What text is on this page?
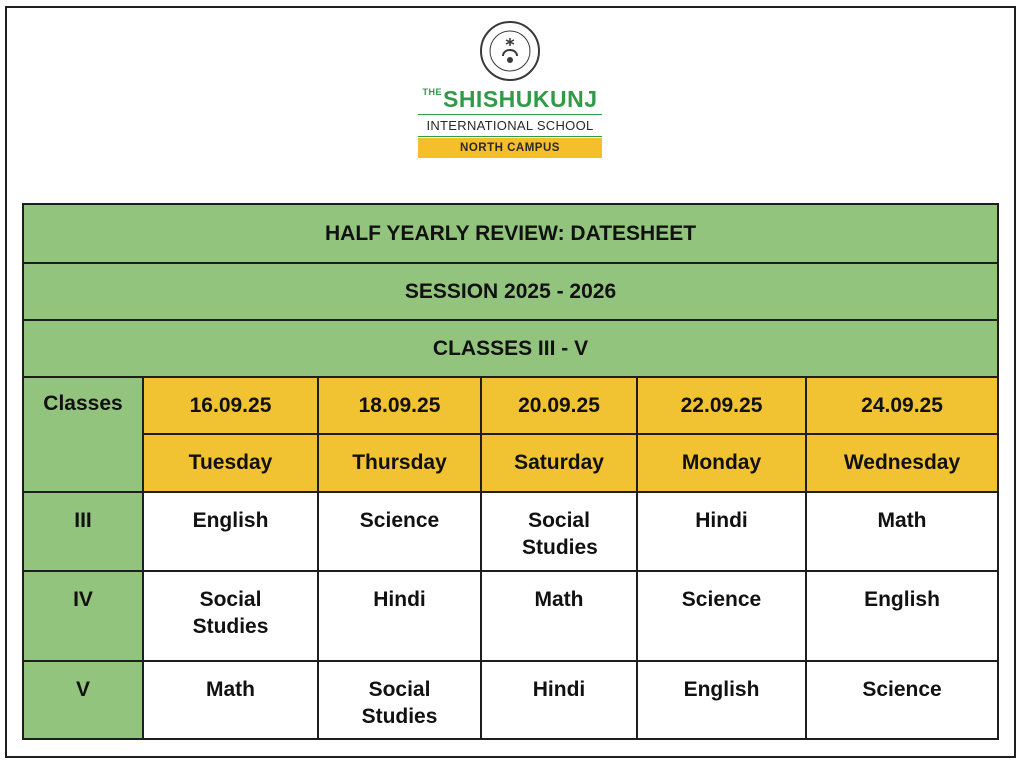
$^{THE}$SHISHUKUNJ
INTERNATIONAL SCHOOL
NORTH CAMPUS
HALF YEARLY REVIEW: DATESHEET					
SESSION 2025 - 2026					
CLASSES III - V					
Classes	16.09.25	18.09.25	20.09.25	22.09.25	24.09.25
	Tuesday	Thursday	Saturday	Monday	Wednesday
III	English	Science	Social Studies	Hindi	Math
IV	Social Studies	Hindi	Math	Science	English
V	Math	Social Studies	Hindi	English	Science
